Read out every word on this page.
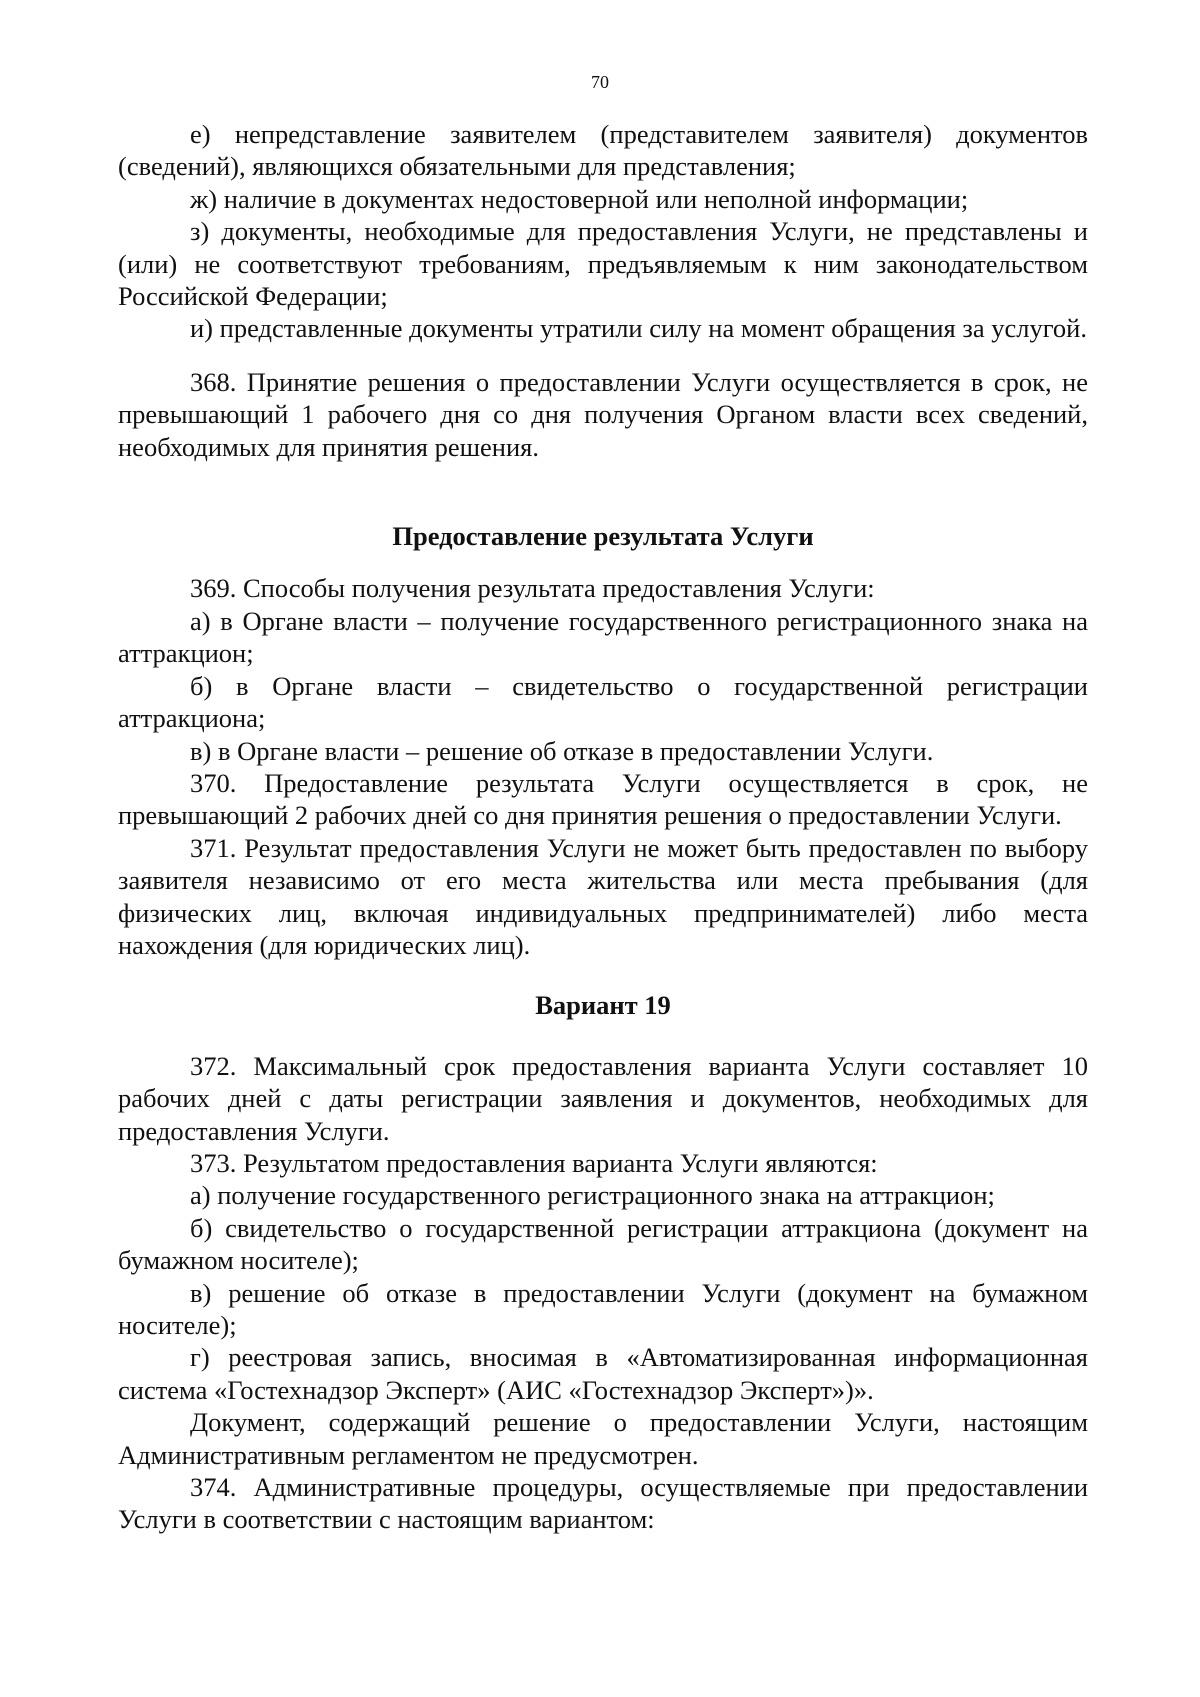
70

е) непредставление заявителем (представителем заявителя) документов (сведений), являющихся обязательными для представления;

ж) наличие в документах недостоверной или неполной информации;

з) документы, необходимые для предоставления Услуги, не представлены и (или) не соответствуют требованиям, предъявляемым к ним законодательством Российской Федерации;

и) представленные документы утратили силу на момент обращения за услугой.

368. Принятие решения о предоставлении Услуги осуществляется в срок, не превышающий 1 рабочего дня со дня получения Органом власти всех сведений, необходимых для принятия решения.

Предоставление результата Услуги

369. Способы получения результата предоставления Услуги:

а) в Органе власти – получение государственного регистрационного знака на аттракцион;

б) в Органе власти – свидетельство о государственной регистрации аттракциона;

в) в Органе власти – решение об отказе в предоставлении Услуги.

370. Предоставление результата Услуги осуществляется в срок, не превышающий 2 рабочих дней со дня принятия решения о предоставлении Услуги.

371. Результат предоставления Услуги не может быть предоставлен по выбору заявителя независимо от его места жительства или места пребывания (для физических лиц, включая индивидуальных предпринимателей) либо места нахождения (для юридических лиц).

Вариант 19

372. Максимальный срок предоставления варианта Услуги составляет 10 рабочих дней с даты регистрации заявления и документов, необходимых для предоставления Услуги.

373. Результатом предоставления варианта Услуги являются:

а) получение государственного регистрационного знака на аттракцион;

б) свидетельство о государственной регистрации аттракциона (документ на бумажном носителе);

в) решение об отказе в предоставлении Услуги (документ на бумажном носителе);

г) реестровая запись, вносимая в «Автоматизированная информационная система «Гостехнадзор Эксперт» (АИС «Гостехнадзор Эксперт»)».

Документ, содержащий решение о предоставлении Услуги, настоящим Административным регламентом не предусмотрен.

374. Административные процедуры, осуществляемые при предоставлении Услуги в соответствии с настоящим вариантом:
